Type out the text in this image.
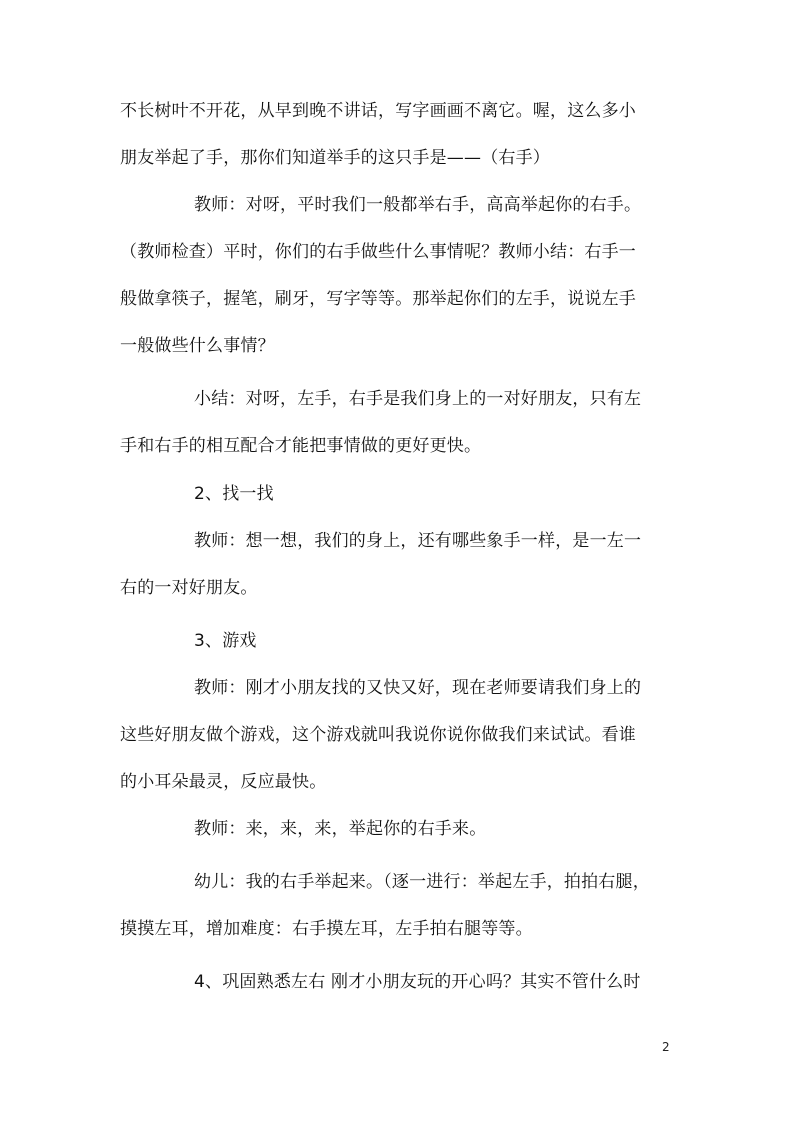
不长树叶不开花，从早到晚不讲话，写字画画不离它。喔，这么多小
朋友举起了手，那你们知道举手的这只手是——（右手）
教师：对呀，平时我们一般都举右手，高高举起你的右手。
（教师检查）平时，你们的右手做些什么事情呢？教师小结：右手一
般做拿筷子，握笔，刷牙，写字等等。那举起你们的左手，说说左手
一般做些什么事情？
小结：对呀，左手，右手是我们身上的一对好朋友，只有左
手和右手的相互配合才能把事情做的更好更快。
2、找一找
教师：想一想，我们的身上，还有哪些象手一样，是一左一
右的一对好朋友。
3、游戏
教师：刚才小朋友找的又快又好，现在老师要请我们身上的
这些好朋友做个游戏，这个游戏就叫我说你说你做我们来试试。看谁
的小耳朵最灵，反应最快。
教师：来，来，来，举起你的右手来。
幼儿：我的右手举起来。（逐一进行：举起左手，拍拍右腿，
摸摸左耳，增加难度：右手摸左耳，左手拍右腿等等。
4、巩固熟悉左右 刚才小朋友玩的开心吗？其实不管什么时
2
